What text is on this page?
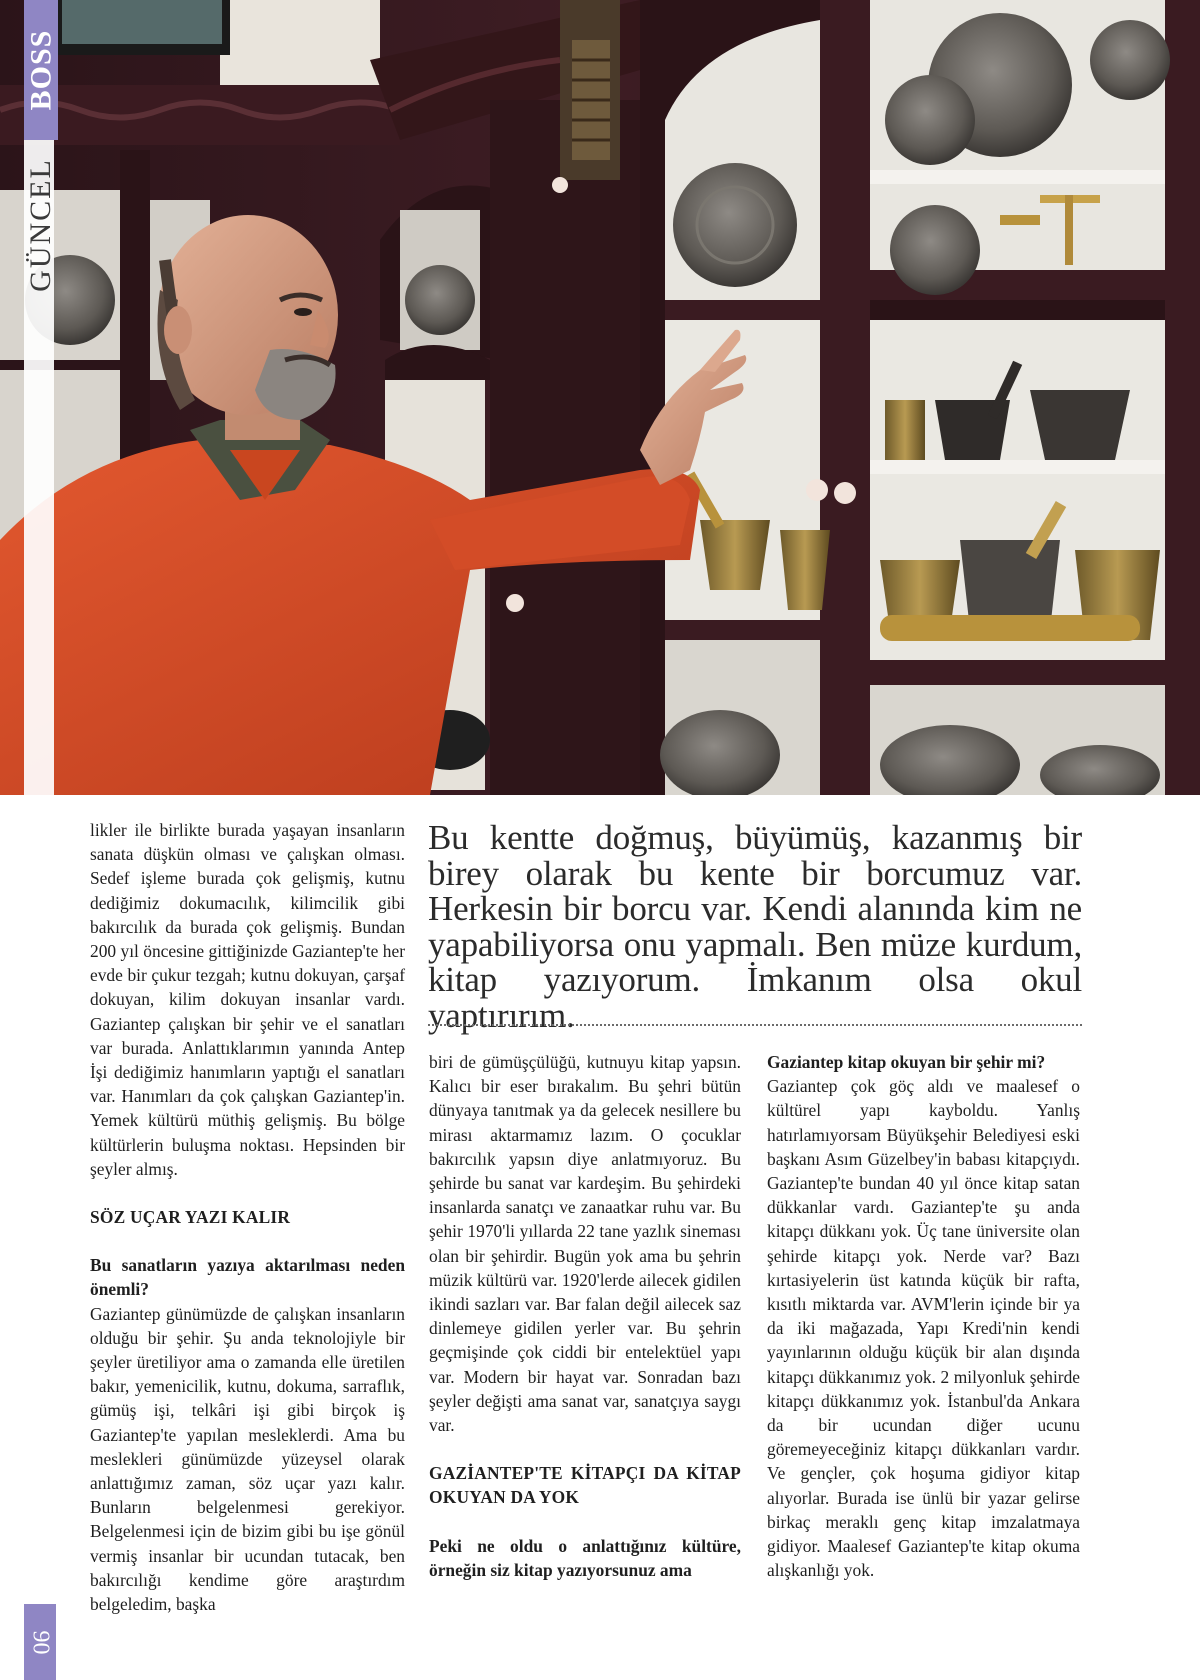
BOSS
GÜNCEL
90

likler ile birlikte burada yaşayan insanların sanata düşkün olması ve çalışkan olması. Sedef işleme burada çok gelişmiş, kutnu dediğimiz dokumacılık, kilimcilik gibi bakırcılık da burada çok gelişmiş. Bundan 200 yıl öncesine gittiğinizde Gaziantep'te her evde bir çukur tezgah; kutnu dokuyan, çarşaf dokuyan, kilim dokuyan insanlar vardı. Gaziantep çalışkan bir şehir ve el sanatları var burada. Anlattıklarımın yanında Antep İşi dediğimiz hanımların yaptığı el sanatları var. Hanımları da çok çalışkan Gaziantep'in. Yemek kültürü müthiş gelişmiş. Bu bölge kültürlerin buluşma noktası. Hepsinden bir şeyler almış.

SÖZ UÇAR YAZI KALIR

Bu sanatların yazıya aktarılması neden önemli?

Gaziantep günümüzde de çalışkan insanların olduğu bir şehir. Şu anda teknolojiyle bir şeyler üretiliyor ama o zamanda elle üretilen bakır, yemenicilik, kutnu, dokuma, sarraflık, gümüş işi, telkâri işi gibi birçok iş Gaziantep'te yapılan mesleklerdi. Ama bu meslekleri günümüzde yüzeysel olarak anlattığımız zaman, söz uçar yazı kalır. Bunların belgelenmesi gerekiyor. Belgelenmesi için de bizim gibi bu işe gönül vermiş insanlar bir ucundan tutacak, ben bakırcılığı kendime göre araştırdım belgeledim, başka

Bu kentte doğmuş, büyümüş, kazanmış bir birey olarak bu kente bir borcumuz var. Herkesin bir borcu var. Kendi alanında kim ne yapabiliyorsa onu yapmalı. Ben müze kurdum, kitap yazıyorum. İmkanım olsa okul yaptırırım.

biri de gümüşçülüğü, kutnuyu kitap yapsın. Kalıcı bir eser bırakalım. Bu şehri bütün dünyaya tanıtmak ya da gelecek nesillere bu mirası aktarmamız lazım. O çocuklar bakırcılık yapsın diye anlatmıyoruz. Bu şehirde bu sanat var kardeşim. Bu şehirdeki insanlarda sanatçı ve zanaatkar ruhu var. Bu şehir 1970'li yıllarda 22 tane yazlık sineması olan bir şehirdir. Bugün yok ama bu şehrin müzik kültürü var. 1920'lerde ailecek gidilen ikindi sazları var. Bar falan değil ailecek saz dinlemeye gidilen yerler var. Bu şehrin geçmişinde çok ciddi bir entelektüel yapı var. Modern bir hayat var. Sonradan bazı şeyler değişti ama sanat var, sanatçıya saygı var.

GAZİANTEP'TE KİTAPÇI DA KİTAP OKUYAN DA YOK

Peki ne oldu o anlattığınız kültüre, örneğin siz kitap yazıyorsunuz ama

Gaziantep kitap okuyan bir şehir mi?

Gaziantep çok göç aldı ve maalesef o kültürel yapı kayboldu. Yanlış hatırlamıyorsam Büyükşehir Belediyesi eski başkanı Asım Güzelbey'in babası kitapçıydı. Gaziantep'te bundan 40 yıl önce kitap satan dükkanlar vardı. Gaziantep'te şu anda kitapçı dükkanı yok. Üç tane üniversite olan şehirde kitapçı yok. Nerde var? Bazı kırtasiyelerin üst katında küçük bir rafta, kısıtlı miktarda var. AVM'lerin içinde bir ya da iki mağazada, Yapı Kredi'nin kendi yayınlarının olduğu küçük bir alan dışında kitapçı dükkanımız yok. 2 milyonluk şehirde kitapçı dükkanımız yok. İstanbul'da Ankara da bir ucundan diğer ucunu göremeyeceğiniz kitapçı dükkanları vardır. Ve gençler, çok hoşuma gidiyor kitap alıyorlar. Burada ise ünlü bir yazar gelirse birkaç meraklı genç kitap imzalatmaya gidiyor. Maalesef Gaziantep'te kitap okuma alışkanlığı yok.
